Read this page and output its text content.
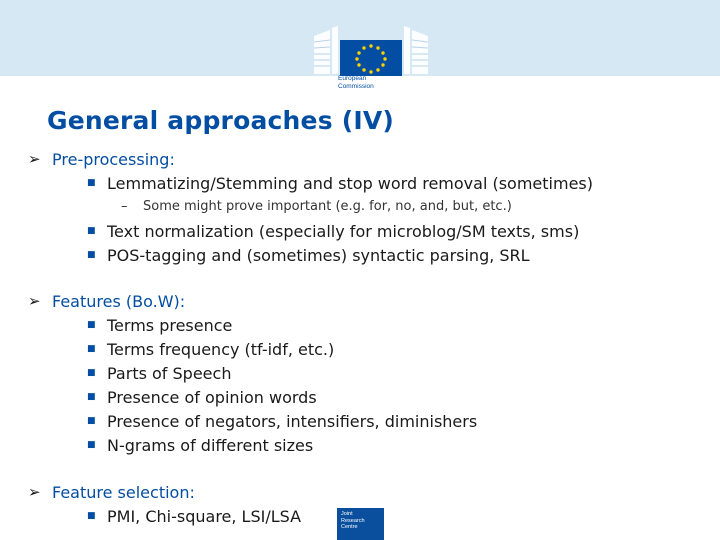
European
Commission
General approaches (IV)
➢ Pre-processing:
■ Lemmatizing/Stemming and stop word removal (sometimes)
– Some might prove important (e.g. for, no, and, but, etc.)
■ Text normalization (especially for microblog/SM texts, sms)
■ POS-tagging and (sometimes) syntactic parsing, SRL
➢ Features (Bo.W):
■ Terms presence
■ Terms frequency (tf-idf, etc.)
■ Parts of Speech
■ Presence of opinion words
■ Presence of negators, intensifiers, diminishers
■ N-grams of different sizes
➢ Feature selection:
■ PMI, Chi-square, LSI/LSA	Joint
Research
Centre
